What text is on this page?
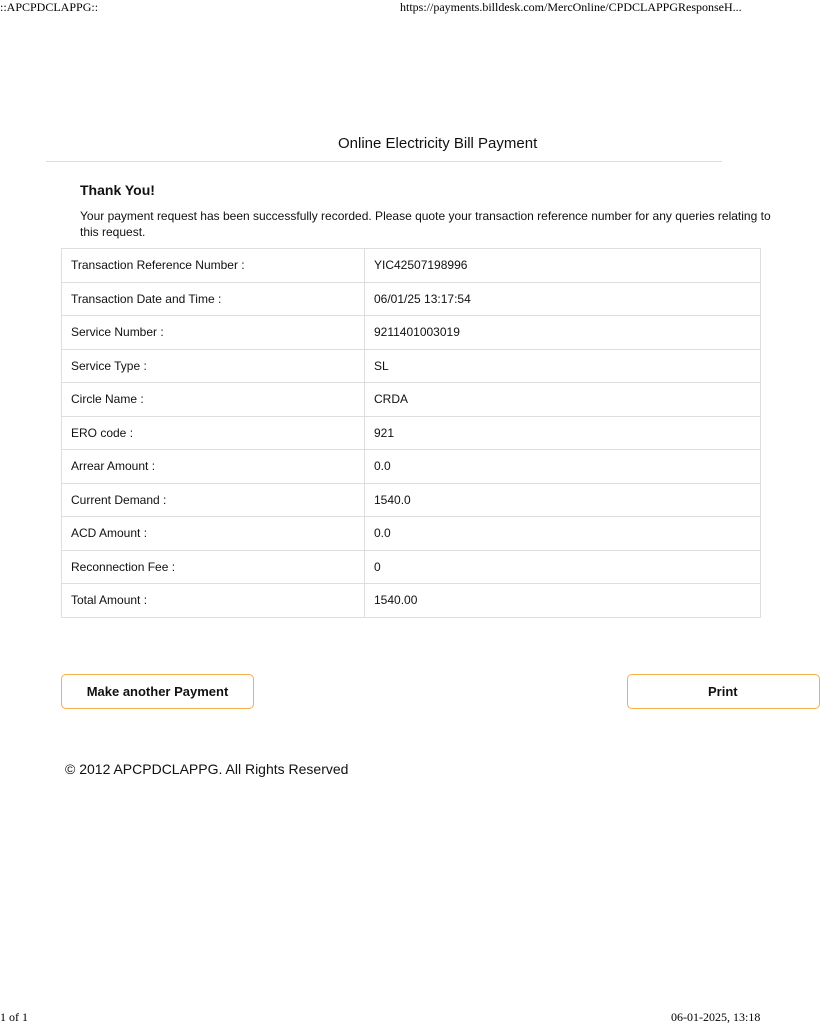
::APCPDCLAPPG::	https://payments.billdesk.com/MercOnline/CPDCLAPPGResponseH...
Online Electricity Bill Payment
Thank You!
Your payment request has been successfully recorded. Please quote your transaction reference number for any queries relating to this request.
Transaction Reference Number :	YIC42507198996
Transaction Date and Time :	06/01/25 13:17:54
Service Number :	9211401003019
Service Type :	SL
Circle Name :	CRDA
ERO code :	921
Arrear Amount :	0.0
Current Demand :	1540.0
ACD Amount :	0.0
Reconnection Fee :	0
Total Amount :	1540.00
Make another Payment	Print
© 2012 APCPDCLAPPG. All Rights Reserved
1 of 1	06-01-2025, 13:18
